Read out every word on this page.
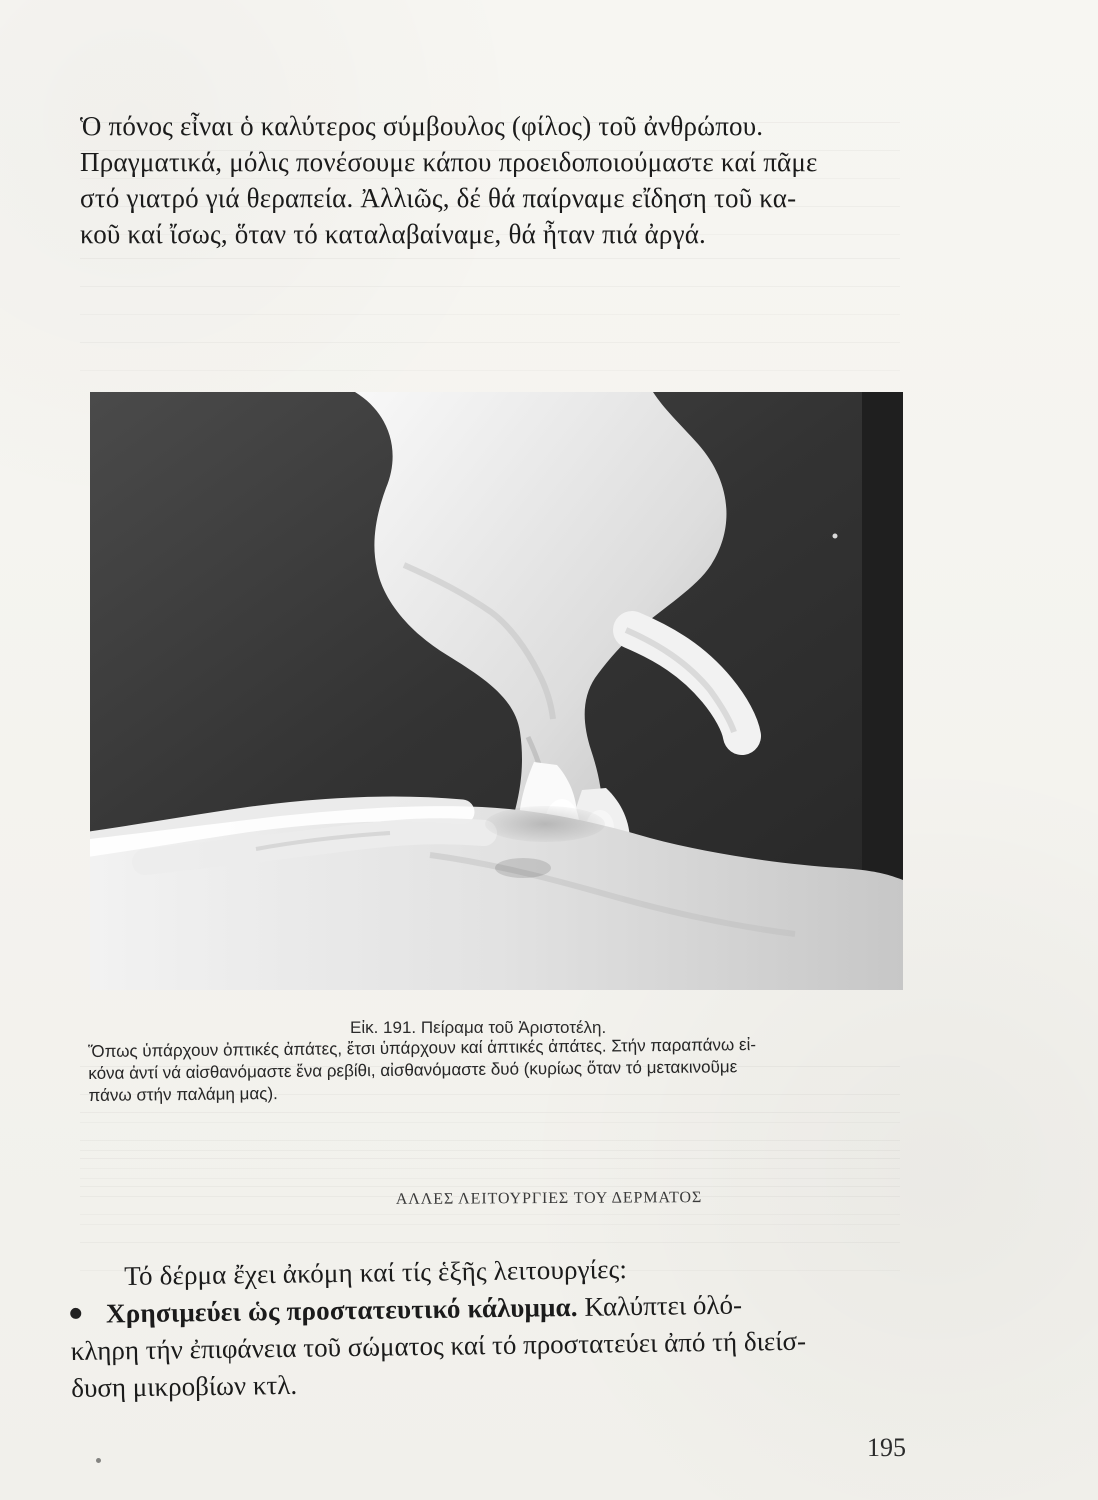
Ὁ πόνος εἶναι ὁ καλύτερος σύμβουλος (φίλος) τοῦ ἀνθρώπου.
Πραγματικά, μόλις πονέσουμε κάπου προειδοποιούμαστε καί πᾶμε
στό γιατρό γιά θεραπεία. Ἀλλιῶς, δέ θά παίρναμε εἴδηση τοῦ κα-
κοῦ καί ἴσως, ὅταν τό καταλαβαίναμε, θά ἦταν πιά ἀργά.
Εἰκ. 191. Πείραμα τοῦ Ἀριστοτέλη.
Ὅπως ὑπάρχουν ὀπτικές ἀπάτες, ἔτσι ὑπάρχουν καί ἁπτικές ἀπάτες. Στήν παραπάνω εἰ-
κόνα ἀντί νά αἰσθανόμαστε ἕνα ρεβίθι, αἰσθανόμαστε δυό (κυρίως ὅταν τό μετακινοῦμε
πάνω στήν παλάμη μας).
ΑΛΛΕΣ ΛΕΙΤΟΥΡΓΙΕΣ ΤΟΥ ΔΕΡΜΑΤΟΣ
Τό δέρμα ἔχει ἀκόμη καί τίς ἑξῆς λειτουργίες:
Χρησιμεύει ὡς προστατευτικό κάλυμμα. Καλύπτει όλό-
κληρη τήν ἐπιφάνεια τοῦ σώματος καί τό προστατεύει ἀπό τή διείσ-
δυση μικροβίων κτλ.
195
